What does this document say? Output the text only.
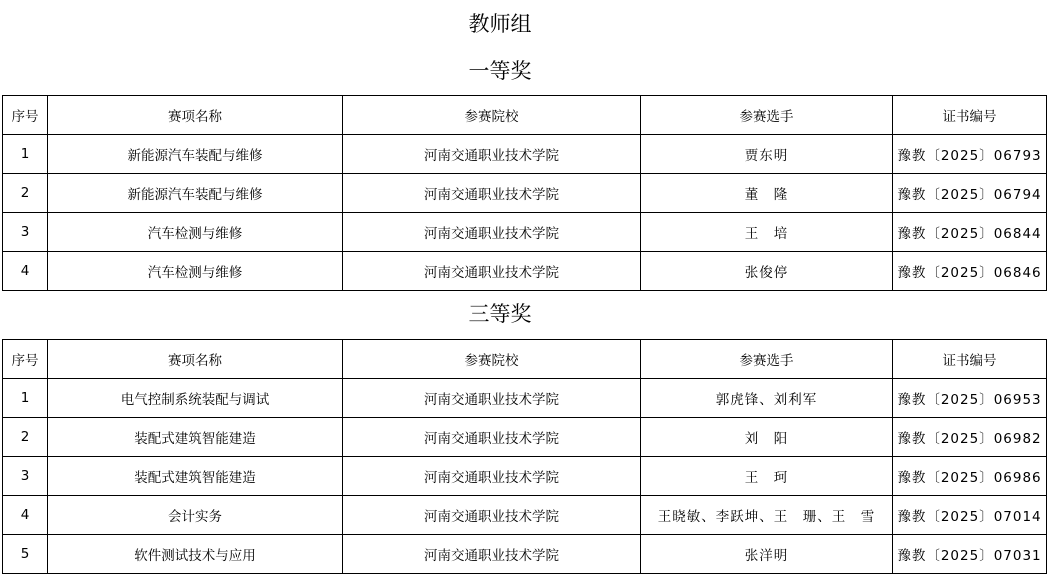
教师组
一等奖
序号	赛项名称	参赛院校	参赛选手	证书编号
1	新能源汽车装配与维修	河南交通职业技术学院	贾东明	豫教〔2025〕06793
2	新能源汽车装配与维修	河南交通职业技术学院	董　隆	豫教〔2025〕06794
3	汽车检测与维修	河南交通职业技术学院	王　培	豫教〔2025〕06844
4	汽车检测与维修	河南交通职业技术学院	张俊停	豫教〔2025〕06846
三等奖
序号	赛项名称	参赛院校	参赛选手	证书编号
1	电气控制系统装配与调试	河南交通职业技术学院	郭虎锋、刘利军	豫教〔2025〕06953
2	装配式建筑智能建造	河南交通职业技术学院	刘　阳	豫教〔2025〕06982
3	装配式建筑智能建造	河南交通职业技术学院	王　珂	豫教〔2025〕06986
4	会计实务	河南交通职业技术学院	王晓敏、李跃坤、王　珊、王　雪	豫教〔2025〕07014
5	软件测试技术与应用	河南交通职业技术学院	张洋明	豫教〔2025〕07031
